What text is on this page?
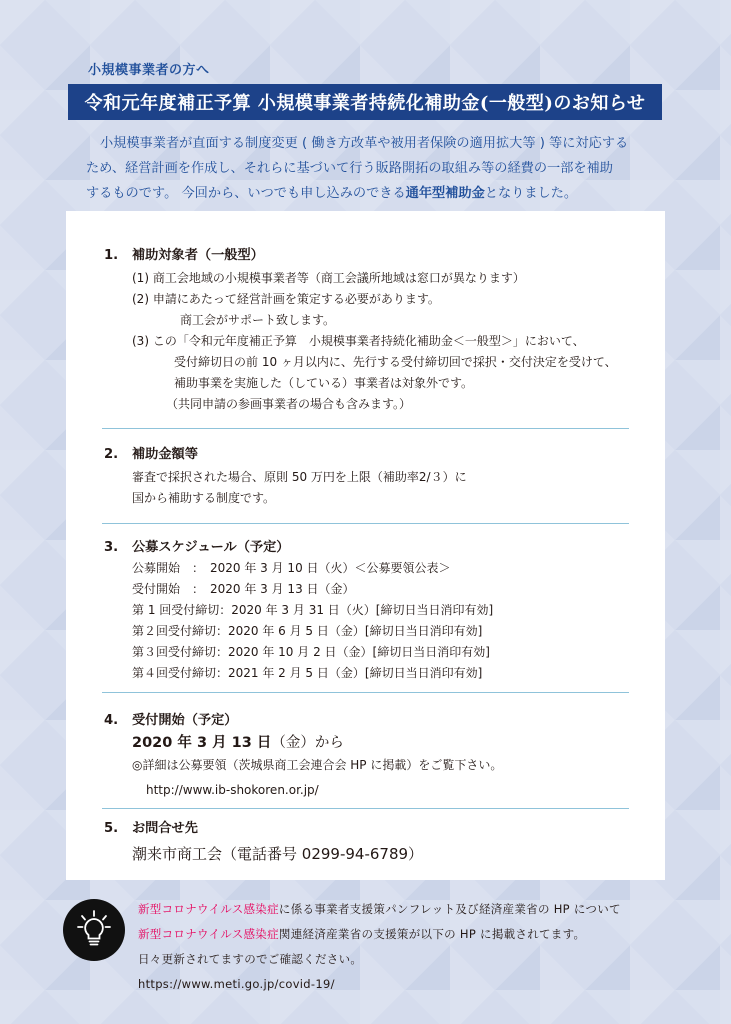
小規模事業者の方へ
令和元年度補正予算 小規模事業者持続化補助金(一般型)のお知らせ

小規模事業者が直面する制度変更 ( 働き方改革や被用者保険の適用拡大等 ) 等に対応する

ため、経営計画を作成し、それらに基づいて行う販路開拓の取組み等の経費の一部を補助

するものです。 今回から、いつでも申し込みのできる通年型補助金となりました。

1. 補助対象者（一般型）

(1) 商工会地域の小規模事業者等（商工会議所地域は窓口が異なります）
(2) 申請にあたって経営計画を策定する必要があります。
商工会がサポート致します。
(3) この「令和元年度補正予算　小規模事業者持続化補助金＜一般型＞」において、
受付締切日の前 10 ヶ月以内に、先行する受付締切回で採択・交付決定を受けて、
補助事業を実施した（している）事業者は対象外です。
（共同申請の参画事業者の場合も含みます。）

2. 補助金額等

審査で採択された場合、原則 50 万円を上限（補助率2/３）に
国から補助する制度です。

3. 公募スケジュール（予定）

公募開始　：　2020 年 3 月 10 日（火）＜公募要領公表＞
受付開始　：　2020 年 3 月 13 日（金）
第 1 回受付締切：2020 年 3 月 31 日（火）[締切日当日消印有効]
第２回受付締切：2020 年 6 月 5 日（金）[締切日当日消印有効]
第３回受付締切：2020 年 10 月 2 日（金）[締切日当日消印有効]
第４回受付締切：2021 年 2 月 5 日（金）[締切日当日消印有効]

4. 受付開始（予定）

2020 年 3 月 13 日（金）から
◎詳細は公募要領（茨城県商工会連合会 HP に掲載）をご覧下さい。
http://www.ib-shokoren.or.jp/

5. お問合せ先

潮来市商工会（電話番号 0299-94-6789）
新型コロナウイルス感染症に係る事業者支援策パンフレット及び経済産業省の HP について
新型コロナウイルス感染症関連経済産業省の支援策が以下の HP に掲載されてます。
日々更新されてますのでご確認ください。
https://www.meti.go.jp/covid-19/
